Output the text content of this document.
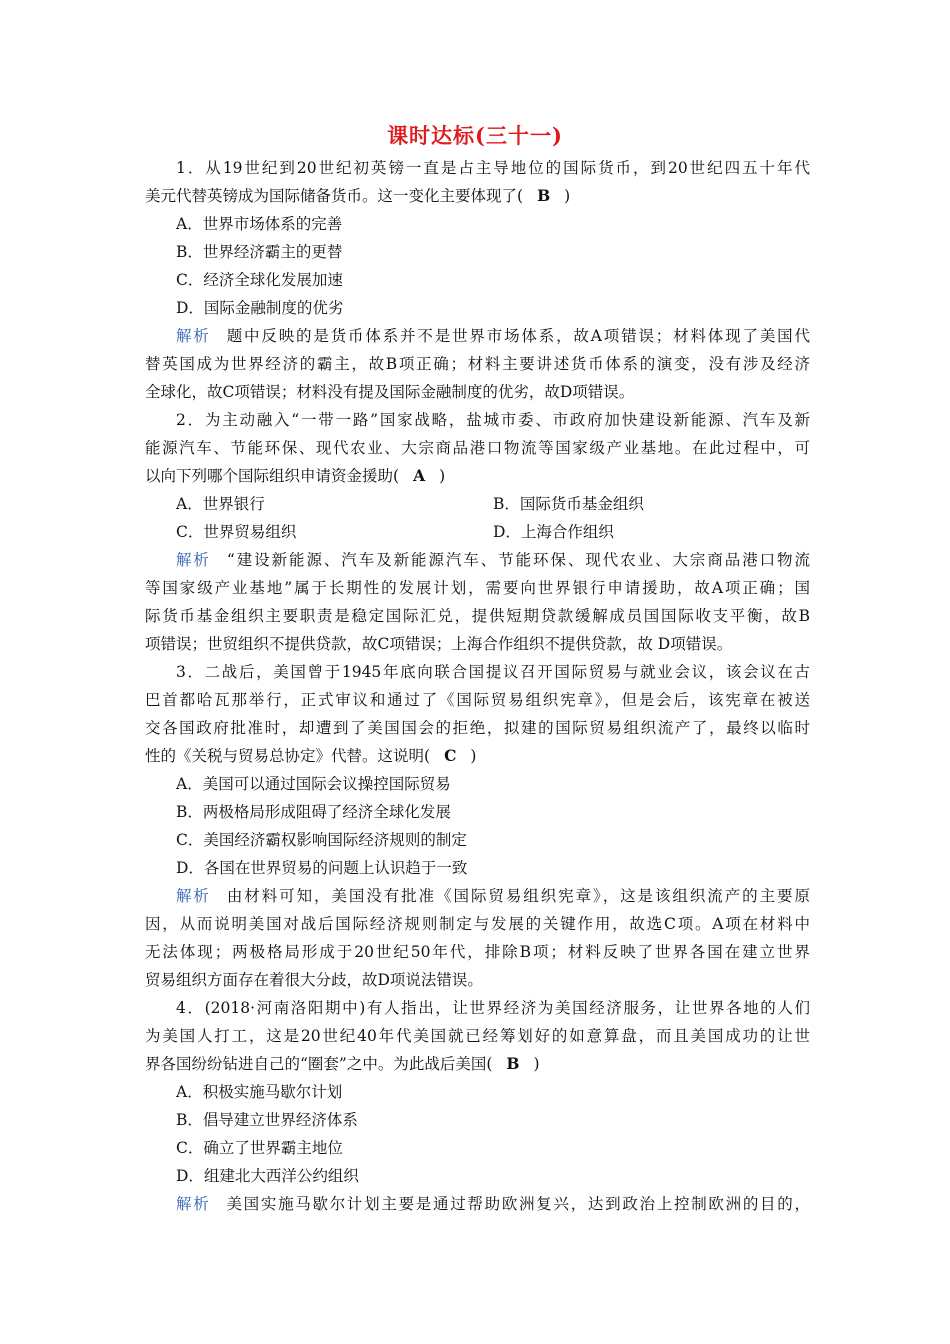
课时达标(三十一)
1．从19世纪到20世纪初英镑一直是占主导地位的国际货币，到20世纪四五十年代
美元代替英镑成为国际储备货币。这一变化主要体现了( B )
A．世界市场体系的完善
B．世界经济霸主的更替
C．经济全球化发展加速
D．国际金融制度的优劣
解析 题中反映的是货币体系并不是世界市场体系，故A项错误；材料体现了美国代
替英国成为世界经济的霸主，故B项正确；材料主要讲述货币体系的演变，没有涉及经济
全球化，故C项错误；材料没有提及国际金融制度的优劣，故D项错误。
2．为主动融入“一带一路”国家战略，盐城市委、市政府加快建设新能源、汽车及新
能源汽车、节能环保、现代农业、大宗商品港口物流等国家级产业基地。在此过程中，可
以向下列哪个国际组织申请资金援助( A )
A．世界银行	B．国际货币基金组织
C．世界贸易组织	D．上海合作组织
解析 “建设新能源、汽车及新能源汽车、节能环保、现代农业、大宗商品港口物流
等国家级产业基地”属于长期性的发展计划，需要向世界银行申请援助，故A项正确；国
际货币基金组织主要职责是稳定国际汇兑，提供短期贷款缓解成员国国际收支平衡，故B
项错误；世贸组织不提供贷款，故C项错误；上海合作组织不提供贷款，故 D项错误。
3．二战后，美国曾于1945年底向联合国提议召开国际贸易与就业会议，该会议在古
巴首都哈瓦那举行，正式审议和通过了《国际贸易组织宪章》，但是会后，该宪章在被送
交各国政府批准时，却遭到了美国国会的拒绝，拟建的国际贸易组织流产了，最终以临时
性的《关税与贸易总协定》代替。这说明( C )
A．美国可以通过国际会议操控国际贸易
B．两极格局形成阻碍了经济全球化发展
C．美国经济霸权影响国际经济规则的制定
D．各国在世界贸易的问题上认识趋于一致
解析 由材料可知，美国没有批准《国际贸易组织宪章》，这是该组织流产的主要原
因，从而说明美国对战后国际经济规则制定与发展的关键作用，故选C项。A项在材料中
无法体现；两极格局形成于20世纪50年代，排除B项；材料反映了世界各国在建立世界
贸易组织方面存在着很大分歧，故D项说法错误。
4．(2018·河南洛阳期中)有人指出，让世界经济为美国经济服务，让世界各地的人们
为美国人打工，这是20世纪40年代美国就已经筹划好的如意算盘，而且美国成功的让世
界各国纷纷钻进自己的“圈套”之中。为此战后美国( B )
A．积极实施马歇尔计划
B．倡导建立世界经济体系
C．确立了世界霸主地位
D．组建北大西洋公约组织
解析 美国实施马歇尔计划主要是通过帮助欧洲复兴，达到政治上控制欧洲的目的，
